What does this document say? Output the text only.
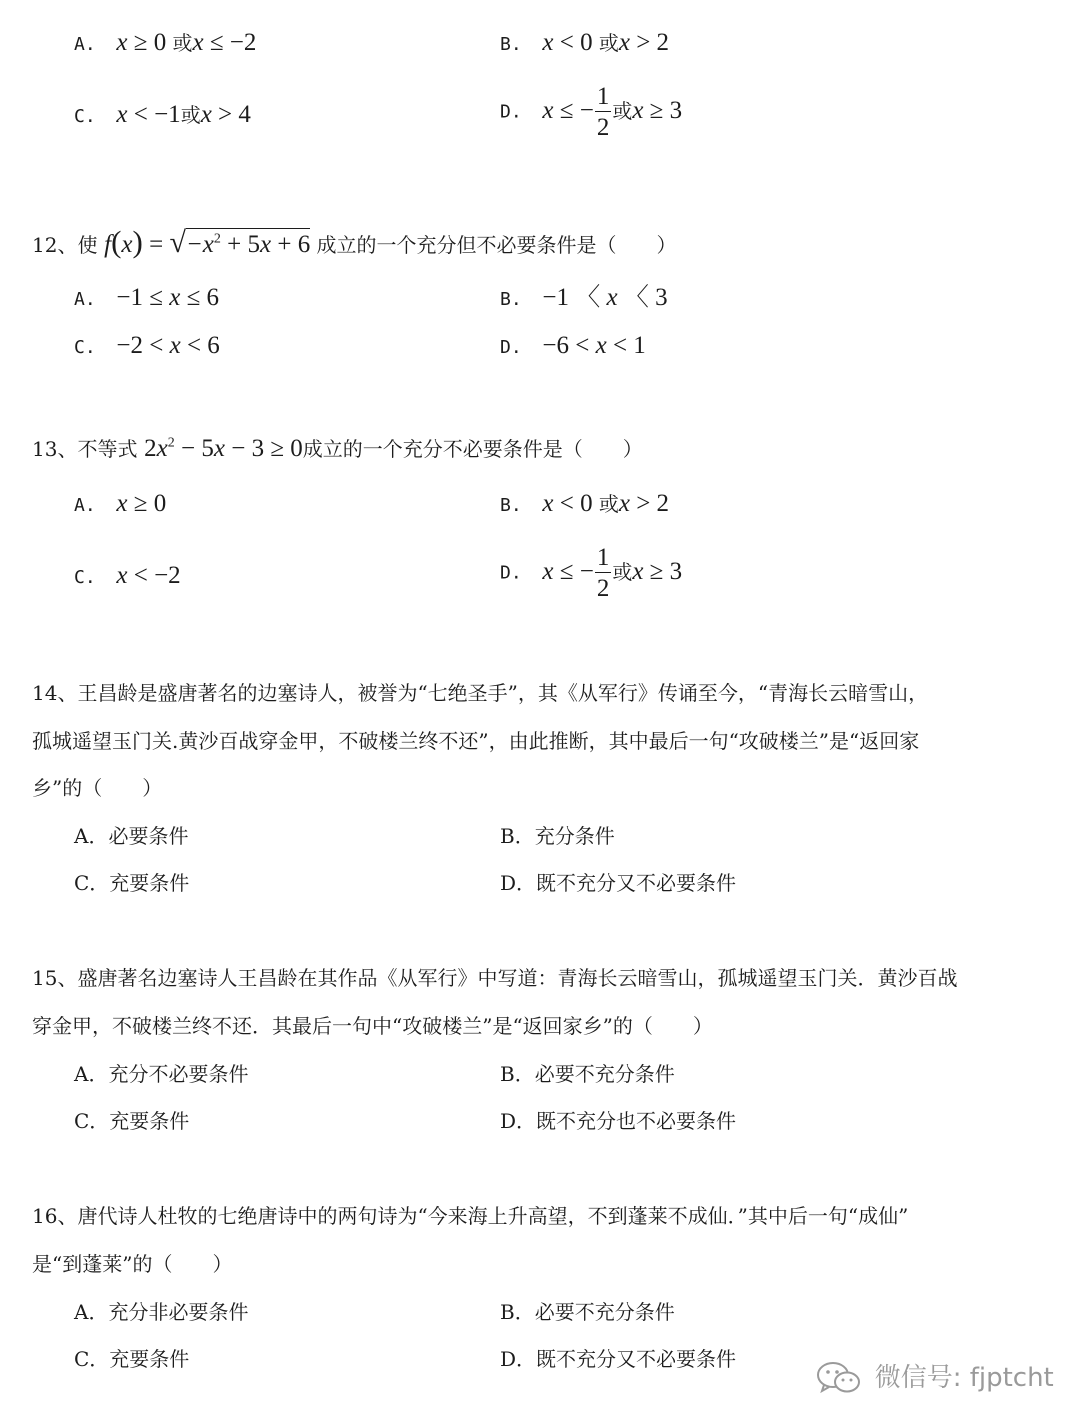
A. x ≥ 0 或x ≤ −2	B. x < 0 或x > 2
C. x < −1或x > 4	D. x ≤ − $\frac{1}{2}$ 或x ≥ 3
12、使 $f(x) = √-x^2 + 5x + 6$ 成立的一个充分但不必要条件是（　　）
A. −1 ≤ x ≤ 6	B. −1 〈 x 〈 3
C. −2 < x < 6	D. −6 < x < 1
13、不等式 $2x^2 - 5x - 3 \ge 0$成立的一个充分不必要条件是（　　）
A. x ≥ 0	B. x < 0 或x > 2
C. x < −2	D. x ≤ − $\frac{1}{2}$ 或x ≥ 3
14、王昌龄是盛唐著名的边塞诗人，被誉为“七绝圣手”，其《从军行》传诵至今，“青海长云暗雪山，
孤城遥望玉门关.黄沙百战穿金甲，不破楼兰终不还”，由此推断，其中最后一句“攻破楼兰”是“返回家
乡”的（　　）
A．必要条件	B．充分条件
C．充要条件	D．既不充分又不必要条件
15、盛唐著名边塞诗人王昌龄在其作品《从军行》中写道：青海长云暗雪山，孤城遥望玉门关．黄沙百战
穿金甲，不破楼兰终不还．其最后一句中“攻破楼兰”是“返回家乡”的（　　）
A．充分不必要条件	B．必要不充分条件
C．充要条件	D．既不充分也不必要条件
16、唐代诗人杜牧的七绝唐诗中的两句诗为“今来海上升高望，不到蓬莱不成仙．”其中后一句“成仙”
是“到蓬莱”的（　　）
A．充分非必要条件	B．必要不充分条件
C．充要条件	D．既不充分又不必要条件
微信号: fjptcht
